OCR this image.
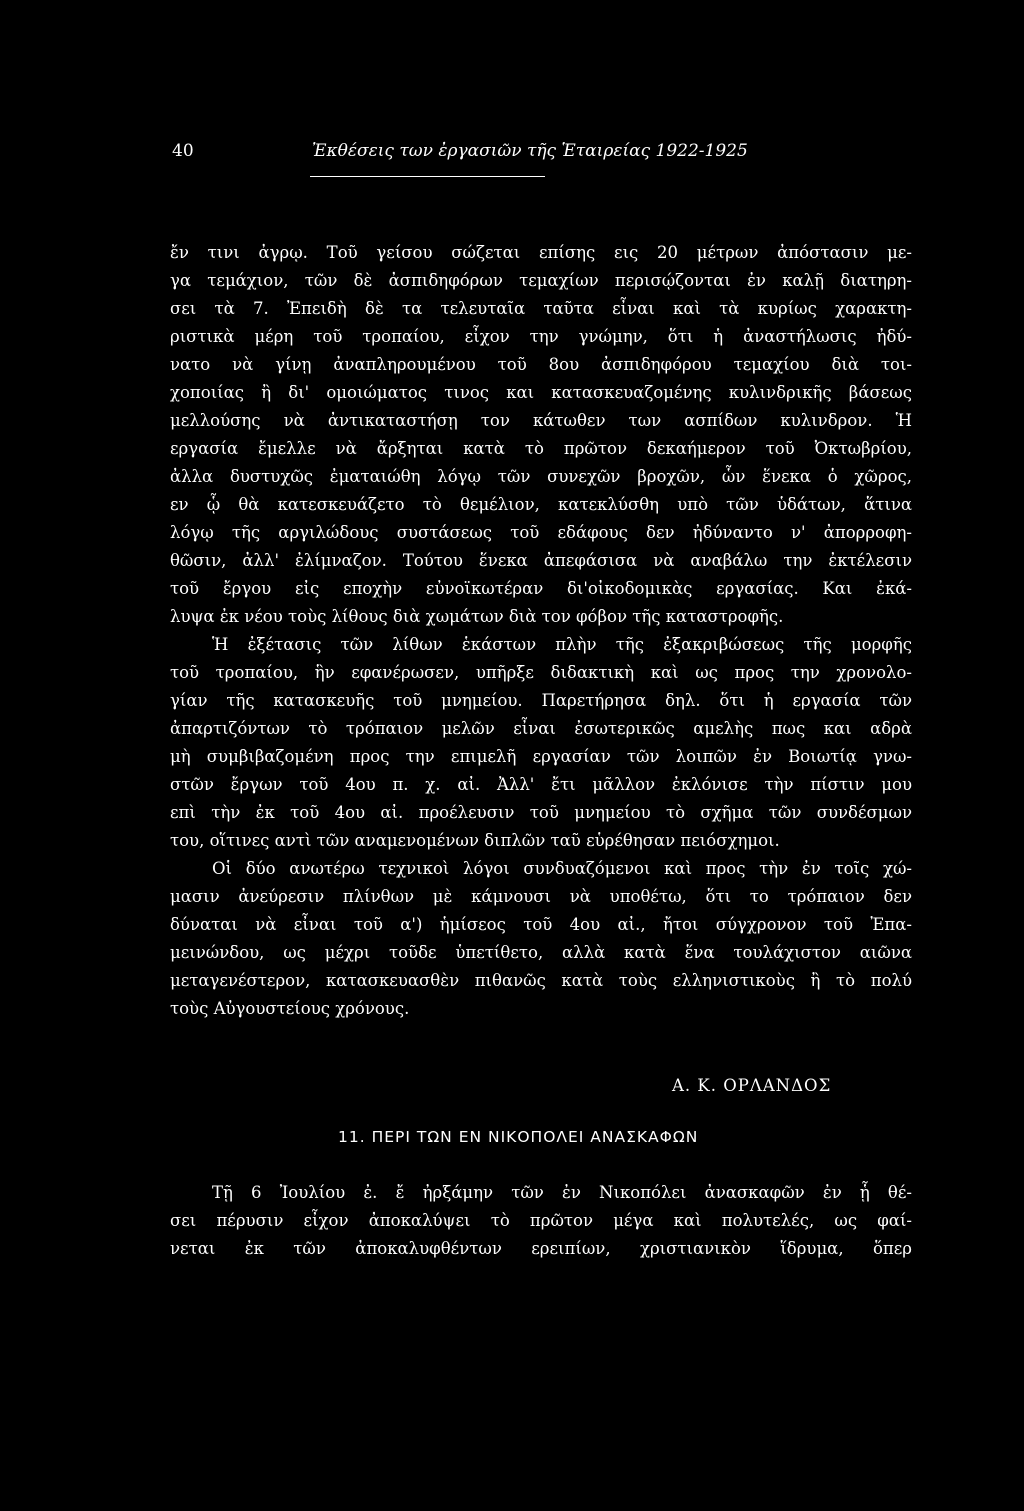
40	Ἐκθέσεις των ἐργασιῶν τῆς Ἑταιρείας 1922-1925
ἔν τινι ἀγρῳ. Τοῦ γείσου σώζεται επίσης εις 20 μέτρων ἀπόστασιν με-
γα τεμάχιον, τῶν δὲ ἀσπιδηφόρων τεμαχίων περισῴζονται ἐν καλῇ διατηρη-
σει τὰ 7. Ἐπειδὴ δὲ τα τελευταῖα ταῦτα εἶναι καὶ τὰ κυρίως χαρακτη-
ριστικὰ μέρη τοῦ τροπαίου, εἶχον την γνώμην, ὅτι ἡ ἀναστήλωσις ἠδύ-
νατο νὰ γίνῃ ἀναπληρουμένου τοῦ 8ου ἀσπιδηφόρου τεμαχίου διὰ τοι-
χοποιίας ἢ δι' ομοιώματος τινος και κατασκευαζομένης κυλινδρικῆς βάσεως
μελλούσης νὰ ἀντικαταστήσῃ τον κάτωθεν των ασπίδων κυλινδρον. Ἡ
εργασία ἔμελλε νὰ ἄρξηται κατὰ τὸ πρῶτον δεκαήμερον τοῦ Ὀκτωβρίου,
ἀλλα δυστυχῶς ἐματαιώθη λόγῳ τῶν συνεχῶν βροχῶν, ὧν ἕνεκα ὁ χῶρος,
εν ᾧ θὰ κατεσκευάζετο τὸ θεμέλιον, κατεκλύσθη υπὸ τῶν ὑδάτων, ἅτινα
λόγῳ τῆς αργιλώδους συστάσεως τοῦ εδάφους δεν ἠδύναντο ν' ἀπορροφη-
θῶσιν, ἀλλ' ἐλίμναζον. Τούτου ἕνεκα ἀπεφάσισα νὰ αναβάλω την ἐκτέλεσιν
τοῦ ἔργου εἰς εποχὴν εὐνοϊκωτέραν δι'οἰκοδομικὰς εργασίας. Και ἐκά-
λυψα ἐκ νέου τοὺς λίθους διὰ χωμάτων διὰ τον φόβον τῆς καταστροφῆς.
Ἡ ἐξέτασις τῶν λίθων ἑκάστων πλὴν τῆς ἐξακριβώσεως τῆς μορφῆς
τοῦ τροπαίου, ἣν εφανέρωσεν, υπῆρξε διδακτικὴ καὶ ως προς την χρονολο-
γίαν τῆς κατασκευῆς τοῦ μνημείου. Παρετήρησα δηλ. ὅτι ἡ εργασία τῶν
ἀπαρτιζόντων τὸ τρόπαιον μελῶν εἶναι ἐσωτερικῶς αμελὴς πως και αδρὰ
μὴ συμβιβαζομένη προς την επιμελῆ εργασίαν τῶν λοιπῶν ἐν Βοιωτίᾳ γνω-
στῶν ἔργων τοῦ 4ου π. χ. αἰ. Ἀλλ' ἔτι μᾶλλον ἐκλόνισε τὴν πίστιν μου
επὶ τὴν ἐκ τοῦ 4ου αἰ. προέλευσιν τοῦ μνημείου τὸ σχῆμα τῶν συνδέσμων
του, οἵτινες αντὶ τῶν αναμενομένων διπλῶν ταῦ εὑρέθησαν πειόσχημοι.
Οἱ δύο ανωτέρω τεχνικοὶ λόγοι συνδυαζόμενοι καὶ προς τὴν ἐν τοῖς χώ-
μασιν ἀνεύρεσιν πλίνθων μὲ κάμνουσι νὰ υποθέτω, ὅτι το τρόπαιον δεν
δύναται νὰ εἶναι τοῦ α') ἡμίσεος τοῦ 4ου αἰ., ἤτοι σύγχρονον τοῦ Ἐπα-
μεινώνδου, ως μέχρι τοῦδε ὑπετίθετο, αλλὰ κατὰ ἕνα τουλάχιστον αιῶνα
μεταγενέστερον, κατασκευασθὲν πιθανῶς κατὰ τοὺς ελληνιστικοὺς ἢ τὸ πολύ
τοὺς Αὐγουστείους χρόνους.
Α. Κ. ΟΡΛΑΝΔΟΣ
11. ΠΕΡΙ ΤΩΝ ΕΝ ΝΙΚΟΠΟΛΕΙ ΑΝΑΣΚΑΦΩΝ
Τῇ 6 Ἰουλίου ἐ. ἔ ἠρξάμην τῶν ἐν Νικοπόλει ἀνασκαφῶν ἐν ᾗ θέ-
σει πέρυσιν εἶχον ἀποκαλύψει τὸ πρῶτον μέγα καὶ πολυτελές, ως φαί-
νεται ἐκ τῶν ἀποκαλυφθέντων ερειπίων, χριστιανικὸν ἵδρυμα, ὅπερ
